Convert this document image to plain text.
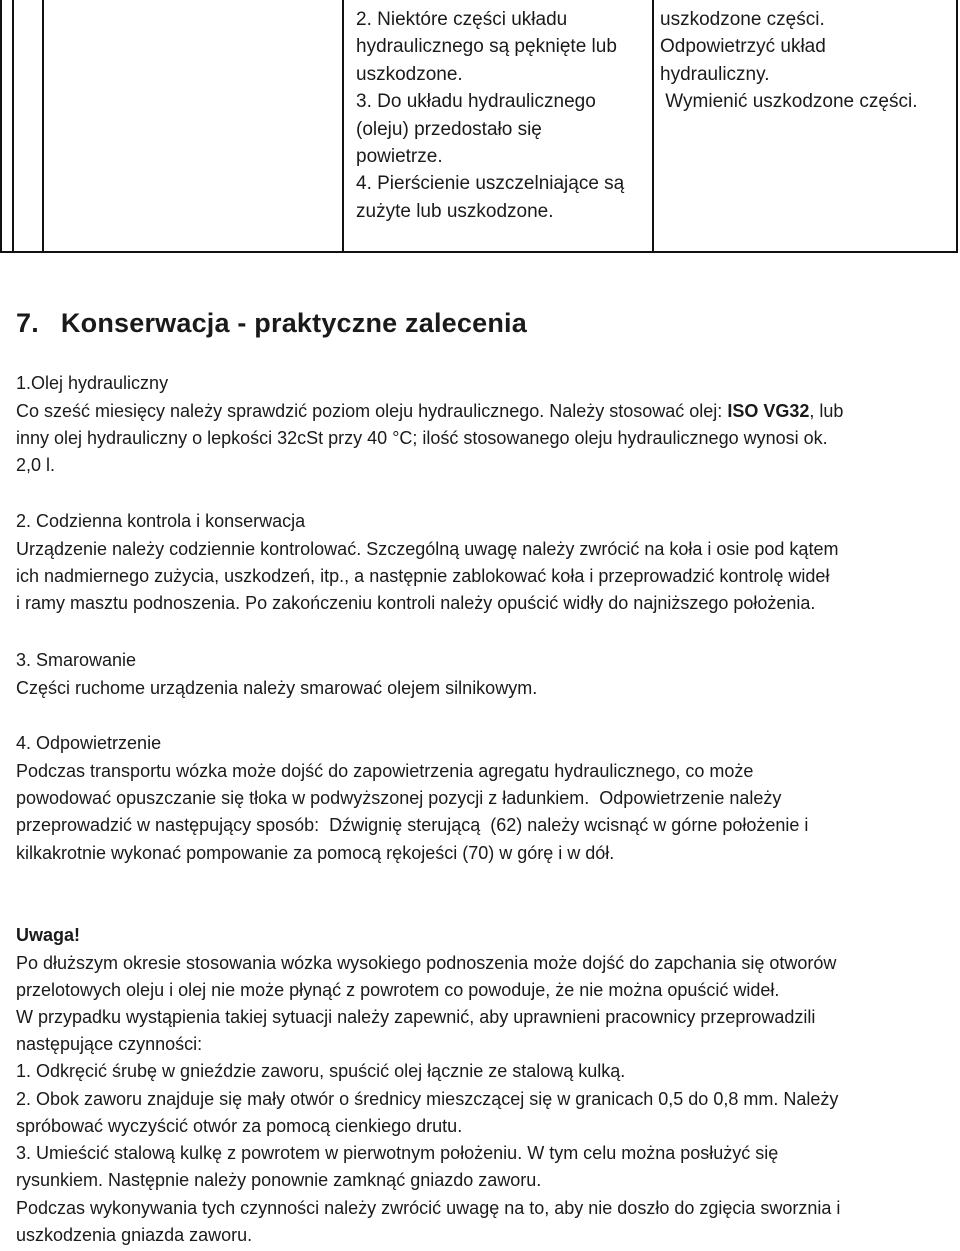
2. Niektóre części układu
hydraulicznego są pęknięte lub
uszkodzone.
3. Do układu hydraulicznego
(oleju) przedostało się
powietrze.
4. Pierścienie uszczelniające są
zużyte lub uszkodzone.
uszkodzone części.
Odpowietrzyć układ
hydrauliczny.
Wymienić uszkodzone części.
7. Konserwacja - praktyczne zalecenia
1.Olej hydrauliczny
Co sześć miesięcy należy sprawdzić poziom oleju hydraulicznego. Należy stosować olej: ISO VG32, lub
inny olej hydrauliczny o lepkości 32cSt przy 40 °C; ilość stosowanego oleju hydraulicznego wynosi ok.
2,0 l.
2. Codzienna kontrola i konserwacja
Urządzenie należy codziennie kontrolować. Szczególną uwagę należy zwrócić na koła i osie pod kątem
ich nadmiernego zużycia, uszkodzeń, itp., a następnie zablokować koła i przeprowadzić kontrolę wideł
i ramy masztu podnoszenia. Po zakończeniu kontroli należy opuścić widły do najniższego położenia.
3. Smarowanie
Części ruchome urządzenia należy smarować olejem silnikowym.
4. Odpowietrzenie
Podczas transportu wózka może dojść do zapowietrzenia agregatu hydraulicznego, co może
powodować opuszczanie się tłoka w podwyższonej pozycji z ładunkiem.  Odpowietrzenie należy
przeprowadzić w następujący sposób:  Dźwignię sterującą  (62) należy wcisnąć w górne położenie i
kilkakrotnie wykonać pompowanie za pomocą rękojeści (70) w górę i w dół.
Uwaga!
Po dłuższym okresie stosowania wózka wysokiego podnoszenia może dojść do zapchania się otworów
przelotowych oleju i olej nie może płynąć z powrotem co powoduje, że nie można opuścić wideł.
W przypadku wystąpienia takiej sytuacji należy zapewnić, aby uprawnieni pracownicy przeprowadzili
następujące czynności:
1. Odkręcić śrubę w gnieździe zaworu, spuścić olej łącznie ze stalową kulką.
2. Obok zaworu znajduje się mały otwór o średnicy mieszczącej się w granicach 0,5 do 0,8 mm. Należy
spróbować wyczyścić otwór za pomocą cienkiego drutu.
3. Umieścić stalową kulkę z powrotem w pierwotnym położeniu. W tym celu można posłużyć się
rysunkiem. Następnie należy ponownie zamknąć gniazdo zaworu.
Podczas wykonywania tych czynności należy zwrócić uwagę na to, aby nie doszło do zgięcia sworznia i
uszkodzenia gniazda zaworu.
